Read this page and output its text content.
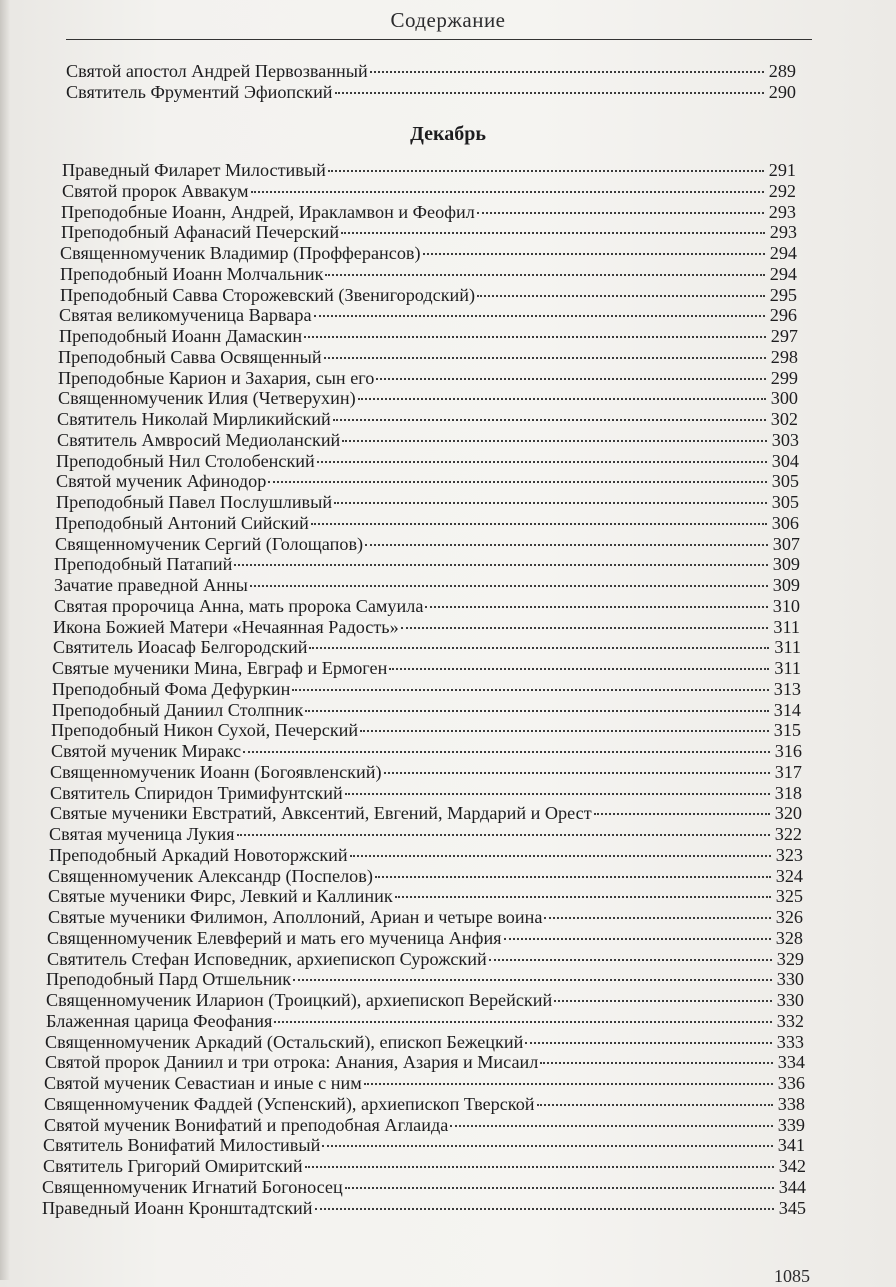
Содержание
Декабрь
Святой апостол Андрей Первозванный	289
Святитель Фрументий Эфиопский	290
Праведный Филарет Милостивый	291
Святой пророк Аввакум	292
Преподобные Иоанн, Андрей, Иракламвон и Феофил	293
Преподобный Афанасий Печерский	293
Священномученик Владимир (Профферансов)	294
Преподобный Иоанн Молчальник	294
Преподобный Савва Сторожевский (Звенигородский)	295
Святая великомученица Варвара	296
Преподобный Иоанн Дамаскин	297
Преподобный Савва Освященный	298
Преподобные Карион и Захария, сын его	299
Священномученик Илия (Четверухин)	300
Святитель Николай Мирликийский	302
Святитель Амвросий Медиоланский	303
Преподобный Нил Столобенский	304
Святой мученик Афинодор	305
Преподобный Павел Послушливый	305
Преподобный Антоний Сийский	306
Священномученик Сергий (Голощапов)	307
Преподобный Патапий	309
Зачатие праведной Анны	309
Святая пророчица Анна, мать пророка Самуила	310
Икона Божией Матери «Нечаянная Радость»	311
Святитель Иоасаф Белгородский	311
Святые мученики Мина, Евграф и Ермоген	311
Преподобный Фома Дефуркин	313
Преподобный Даниил Столпник	314
Преподобный Никон Сухой, Печерский	315
Святой мученик Миракс	316
Священномученик Иоанн (Богоявленский)	317
Святитель Спиридон Тримифунтский	318
Святые мученики Евстратий, Авксентий, Евгений, Мардарий и Орест	320
Святая мученица Лукия	322
Преподобный Аркадий Новоторжский	323
Священномученик Александр (Поспелов)	324
Святые мученики Фирс, Левкий и Каллиник	325
Святые мученики Филимон, Аполлоний, Ариан и четыре воина	326
Священномученик Елевферий и мать его мученица Анфия	328
Святитель Стефан Исповедник, архиепископ Сурожский	329
Преподобный Пард Отшельник	330
Священномученик Иларион (Троицкий), архиепископ Верейский	330
Блаженная царица Феофания	332
Священномученик Аркадий (Остальский), епископ Бежецкий	333
Святой пророк Даниил и три отрока: Анания, Азария и Мисаил	334
Святой мученик Севастиан и иные с ним	336
Священномученик Фаддей (Успенский), архиепископ Тверской	338
Святой мученик Вонифатий и преподобная Аглаида	339
Святитель Вонифатий Милостивый	341
Святитель Григорий Омиритский	342
Священномученик Игнатий Богоносец	344
Праведный Иоанн Кронштадтский	345
1085
